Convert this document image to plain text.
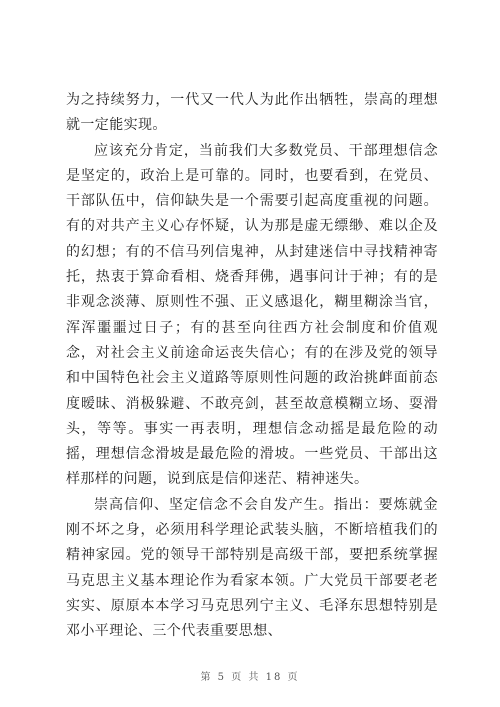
为之持续努力，一代又一代人为此作出牺牲，崇高的理想就一定能实现。

应该充分肯定，当前我们大多数党员、干部理想信念是坚定的，政治上是可靠的。同时，也要看到，在党员、干部队伍中，信仰缺失是一个需要引起高度重视的问题。有的对共产主义心存怀疑，认为那是虚无缥缈、难以企及的幻想；有的不信马列信鬼神，从封建迷信中寻找精神寄托，热衷于算命看相、烧香拜佛，遇事问计于神；有的是非观念淡薄、原则性不强、正义感退化，糊里糊涂当官，浑浑噩噩过日子；有的甚至向往西方社会制度和价值观念，对社会主义前途命运丧失信心；有的在涉及党的领导和中国特色社会主义道路等原则性问题的政治挑衅面前态度暧昧、消极躲避、不敢亮剑，甚至故意模糊立场、耍滑头，等等。事实一再表明，理想信念动摇是最危险的动摇，理想信念滑坡是最危险的滑坡。一些党员、干部出这样那样的问题，说到底是信仰迷茫、精神迷失。

崇高信仰、坚定信念不会自发产生。指出：要炼就金刚不坏之身，必须用科学理论武装头脑，不断培植我们的精神家园。党的领导干部特别是高级干部，要把系统掌握马克思主义基本理论作为看家本领。广大党员干部要老老实实、原原本本学习马克思列宁主义、毛泽东思想特别是邓小平理论、三个代表重要思想、

第 5 页 共 18 页
